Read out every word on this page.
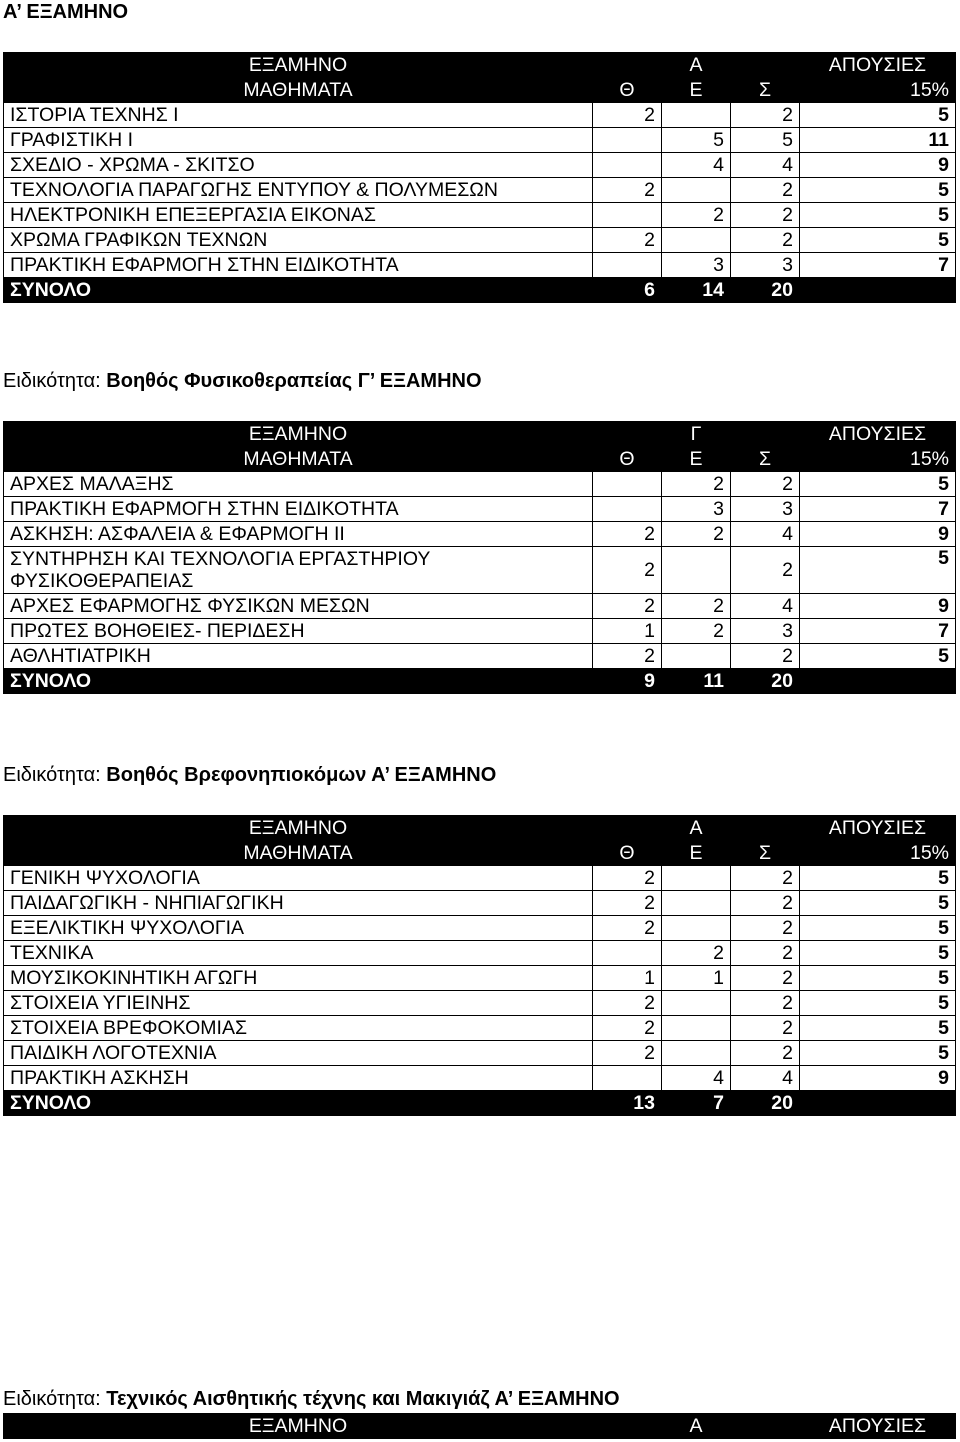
Α’ ΕΞΑΜΗΝΟ
ΕΞΑΜΗΝΟ		Α		ΑΠΟΥΣΙΕΣ
ΜΑΘΗΜΑΤΑ	Θ	Ε	Σ	15%
ΙΣΤΟΡΙΑ ΤΕΧΝΗΣ Ι	2		2	5
ΓΡΑΦΙΣΤΙΚΗ Ι		5	5	11
ΣΧΕΔΙΟ - ΧΡΩΜΑ - ΣΚΙΤΣΟ		4	4	9
ΤΕΧΝΟΛΟΓΙΑ ΠΑΡΑΓΩΓΗΣ ΕΝΤΥΠΟΥ & ΠΟΛΥΜΕΣΩΝ	2		2	5
ΗΛΕΚΤΡΟΝΙΚΗ ΕΠΕΞΕΡΓΑΣΙΑ ΕΙΚΟΝΑΣ		2	2	5
ΧΡΩΜΑ ΓΡΑΦΙΚΩΝ ΤΕΧΝΩΝ	2		2	5
ΠΡΑΚΤΙΚΗ ΕΦΑΡΜΟΓΗ ΣΤΗΝ ΕΙΔΙΚΟΤΗΤΑ		3	3	7
ΣΥΝΟΛΟ	6	14	20	
Ειδικότητα: Βοηθός Φυσικοθεραπείας Γ’ ΕΞΑΜΗΝΟ
ΕΞΑΜΗΝΟ		Γ		ΑΠΟΥΣΙΕΣ
ΜΑΘΗΜΑΤΑ	Θ	Ε	Σ	15%
ΑΡΧΕΣ ΜΑΛΑΞΗΣ		2	2	5
ΠΡΑΚΤΙΚΗ ΕΦΑΡΜΟΓΗ ΣΤΗΝ ΕΙΔΙΚΟΤΗΤΑ		3	3	7
ΑΣΚΗΣΗ: ΑΣΦΑΛΕΙΑ & ΕΦΑΡΜΟΓΗ ΙΙ	2	2	4	9
ΣΥΝΤΗΡΗΣΗ ΚΑΙ ΤΕΧΝΟΛΟΓΙΑ ΕΡΓΑΣΤΗΡΙΟΥ ΦΥΣΙΚΟΘΕΡΑΠΕΙΑΣ	2		2	5
ΑΡΧΕΣ ΕΦΑΡΜΟΓΗΣ ΦΥΣΙΚΩΝ ΜΕΣΩΝ	2	2	4	9
ΠΡΩΤΕΣ ΒΟΗΘΕΙΕΣ- ΠΕΡΙΔΕΣΗ	1	2	3	7
ΑΘΛΗΤΙΑΤΡΙΚΗ	2		2	5
ΣΥΝΟΛΟ	9	11	20	
Ειδικότητα: Βοηθός Βρεφονηπιοκόμων Α’ ΕΞΑΜΗΝΟ
ΕΞΑΜΗΝΟ		Α		ΑΠΟΥΣΙΕΣ
ΜΑΘΗΜΑΤΑ	Θ	Ε	Σ	15%
ΓΕΝΙΚΗ ΨΥΧΟΛΟΓΙΑ	2		2	5
ΠΑΙΔΑΓΩΓΙΚΗ - ΝΗΠΙΑΓΩΓΙΚΗ	2		2	5
ΕΞΕΛΙΚΤΙΚΗ ΨΥΧΟΛΟΓΙΑ	2		2	5
ΤΕΧΝΙΚΑ		2	2	5
ΜΟΥΣΙΚΟΚΙΝΗΤΙΚΗ ΑΓΩΓΗ	1	1	2	5
ΣΤΟΙΧΕΙΑ ΥΓΙΕΙΝΗΣ	2		2	5
ΣΤΟΙΧΕΙΑ ΒΡΕΦΟΚΟΜΙΑΣ	2		2	5
ΠΑΙΔΙΚΗ ΛΟΓΟΤΕΧΝΙΑ	2		2	5
ΠΡΑΚΤΙΚΗ ΑΣΚΗΣΗ		4	4	9
ΣΥΝΟΛΟ	13	7	20	
Ειδικότητα: Τεχνικός Αισθητικής τέχνης και Μακιγιάζ Α’ ΕΞΑΜΗΝΟ
ΕΞΑΜΗΝΟ		Α		ΑΠΟΥΣΙΕΣ
